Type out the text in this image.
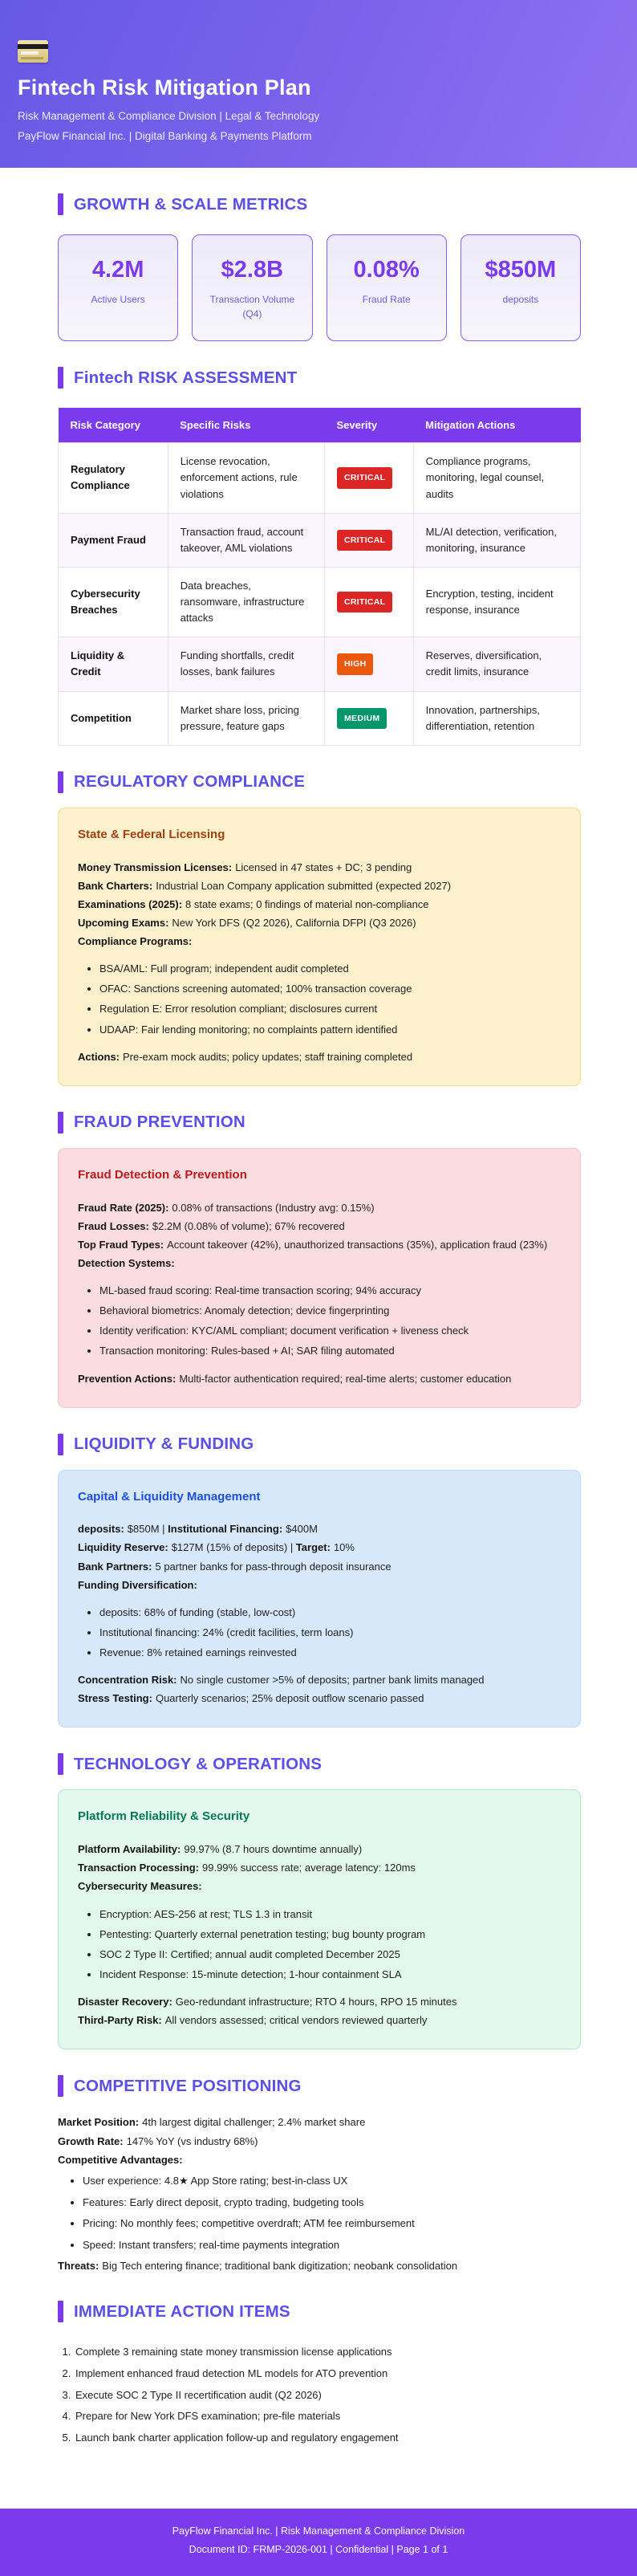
Fintech Risk Mitigation Plan

Risk Management & Compliance Division | Legal & Technology

PayFlow Financial Inc. | Digital Banking & Payments Platform

GROWTH & SCALE METRICS
4.2M
Active Users
$2.8B
Transaction Volume (Q4)
0.08%
Fraud Rate
$850M
deposits
Fintech RISK ASSESSMENT
Risk Category	Specific Risks	Severity	Mitigation Actions
Regulatory Compliance	License revocation, enforcement actions, rule violations	CRITICAL	Compliance programs, monitoring, legal counsel, audits
Payment Fraud	Transaction fraud, account takeover, AML violations	CRITICAL	ML/AI detection, verification, monitoring, insurance
Cybersecurity Breaches	Data breaches, ransomware, infrastructure attacks	CRITICAL	Encryption, testing, incident response, insurance
Liquidity & Credit	Funding shortfalls, credit losses, bank failures	HIGH	Reserves, diversification, credit limits, insurance
Competition	Market share loss, pricing pressure, feature gaps	MEDIUM	Innovation, partnerships, differentiation, retention
REGULATORY COMPLIANCE
State & Federal Licensing

Money Transmission Licenses: Licensed in 47 states + DC; 3 pending

Bank Charters: Industrial Loan Company application submitted (expected 2027)

Examinations (2025): 8 state exams; 0 findings of material non-compliance

Upcoming Exams: New York DFS (Q2 2026), California DFPI (Q3 2026)

Compliance Programs:

• BSA/AML: Full program; independent audit completed
• OFAC: Sanctions screening automated; 100% transaction coverage
• Regulation E: Error resolution compliant; disclosures current
• UDAAP: Fair lending monitoring; no complaints pattern identified

Actions: Pre-exam mock audits; policy updates; staff training completed

FRAUD PREVENTION
Fraud Detection & Prevention

Fraud Rate (2025): 0.08% of transactions (Industry avg: 0.15%)

Fraud Losses: $2.2M (0.08% of volume); 67% recovered

Top Fraud Types: Account takeover (42%), unauthorized transactions (35%), application fraud (23%)

Detection Systems:

• ML-based fraud scoring: Real-time transaction scoring; 94% accuracy
• Behavioral biometrics: Anomaly detection; device fingerprinting
• Identity verification: KYC/AML compliant; document verification + liveness check
• Transaction monitoring: Rules-based + AI; SAR filing automated

Prevention Actions: Multi-factor authentication required; real-time alerts; customer education

LIQUIDITY & FUNDING
Capital & Liquidity Management

deposits: $850M | Institutional Financing: $400M

Liquidity Reserve: $127M (15% of deposits) | Target: 10%

Bank Partners: 5 partner banks for pass-through deposit insurance

Funding Diversification:

• deposits: 68% of funding (stable, low-cost)
• Institutional financing: 24% (credit facilities, term loans)
• Revenue: 8% retained earnings reinvested

Concentration Risk: No single customer >5% of deposits; partner bank limits managed

Stress Testing: Quarterly scenarios; 25% deposit outflow scenario passed

TECHNOLOGY & OPERATIONS
Platform Reliability & Security

Platform Availability: 99.97% (8.7 hours downtime annually)

Transaction Processing: 99.99% success rate; average latency: 120ms

Cybersecurity Measures:

• Encryption: AES-256 at rest; TLS 1.3 in transit
• Pentesting: Quarterly external penetration testing; bug bounty program
• SOC 2 Type II: Certified; annual audit completed December 2025
• Incident Response: 15-minute detection; 1-hour containment SLA

Disaster Recovery: Geo-redundant infrastructure; RTO 4 hours, RPO 15 minutes

Third-Party Risk: All vendors assessed; critical vendors reviewed quarterly

COMPETITIVE POSITIONING

Market Position: 4th largest digital challenger; 2.4% market share

Growth Rate: 147% YoY (vs industry 68%)

Competitive Advantages:

• User experience: 4.8★ App Store rating; best-in-class UX
• Features: Early direct deposit, crypto trading, budgeting tools
• Pricing: No monthly fees; competitive overdraft; ATM fee reimbursement
• Speed: Instant transfers; real-time payments integration

Threats: Big Tech entering finance; traditional bank digitization; neobank consolidation

IMMEDIATE ACTION ITEMS
1. Complete 3 remaining state money transmission license applications
2. Implement enhanced fraud detection ML models for ATO prevention
3. Execute SOC 2 Type II recertification audit (Q2 2026)
4. Prepare for New York DFS examination; pre-file materials
5. Launch bank charter application follow-up and regulatory engagement

PayFlow Financial Inc. | Risk Management & Compliance Division

Document ID: FRMP-2026-001 | Confidential | Page 1 of 1
